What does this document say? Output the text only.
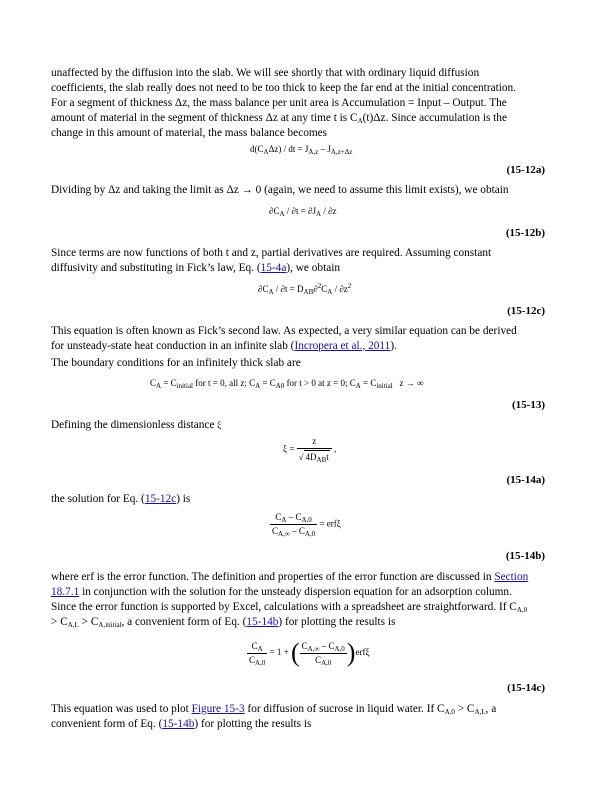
unaffected by the diffusion into the slab. We will see shortly that with ordinary liquid diffusion
coefficients, the slab really does not need to be too thick to keep the far end at the initial concentration.
For a segment of thickness Δz, the mass balance per unit area is Accumulation = Input – Output. The
amount of material in the segment of thickness Δz at any time t is $C_A(t)\Delta z$. Since accumulation is the
change in this amount of material, the mass balance becomes

$d(C_A\Delta z)$ / dt = $J_{A,z} - J_{A,z+\Delta z}$
(15-12a)

Dividing by Δz and taking the limit as Δz → 0 (again, we need to assume this limit exists), we obtain

$\partial C_A / \partial t = \partial J_A / \partial z$
(15-12b)

Since terms are now functions of both t and z, partial derivatives are required. Assuming constant
diffusivity and substituting in Fick’s law, Eq. (15-4a), we obtain

$\partial C_A / \partial t = D_{AB}\partial^2C_A / \partial z^2$
(15-12c)

This equation is often known as Fick’s second law. As expected, a very similar equation can be derived
for unsteady-state heat conduction in an infinite slab (Incropera et al., 2011).

The boundary conditions for an infinitely thick slab are

$C_A = C_{initial}$ for t = 0, all z; $C_A = C_{A0}$ for t > 0 at z = 0; $C_A = C_{initial}$   z → ∞
(15-13)

Defining the dimensionless distance ξ

$\xi = \frac{z}{√ 4D_{AB}t}$ ,
(15-14a)

the solution for Eq. (15-12c) is

$\frac{C_A - C_{A,0}}{C_{A,\infty} - C_{A,0}} = erf\xi$
(15-14b)

where erf is the error function. The definition and properties of the error function are discussed in Section
18.7.1 in conjunction with the solution for the unsteady dispersion equation for an adsorption column.
Since the error function is supported by Excel, calculations with a spreadsheet are straightforward. If $C_{A,0}$
> $C_{A,L} > C_{A,initial}$, a convenient form of Eq. (15-14b) for plotting the results is

$\frac{C_A}{C_{A,0}} = 1$ + ( $\frac{C_{A,\infty} - C_{A,0}}{C_{A,0}} )erf\xi$
(15-14c)

This equation was used to plot Figure 15-3 for diffusion of sucrose in liquid water. If $C_{A,0} > C_{A,L}$, a
convenient form of Eq. (15-14b) for plotting the results is
